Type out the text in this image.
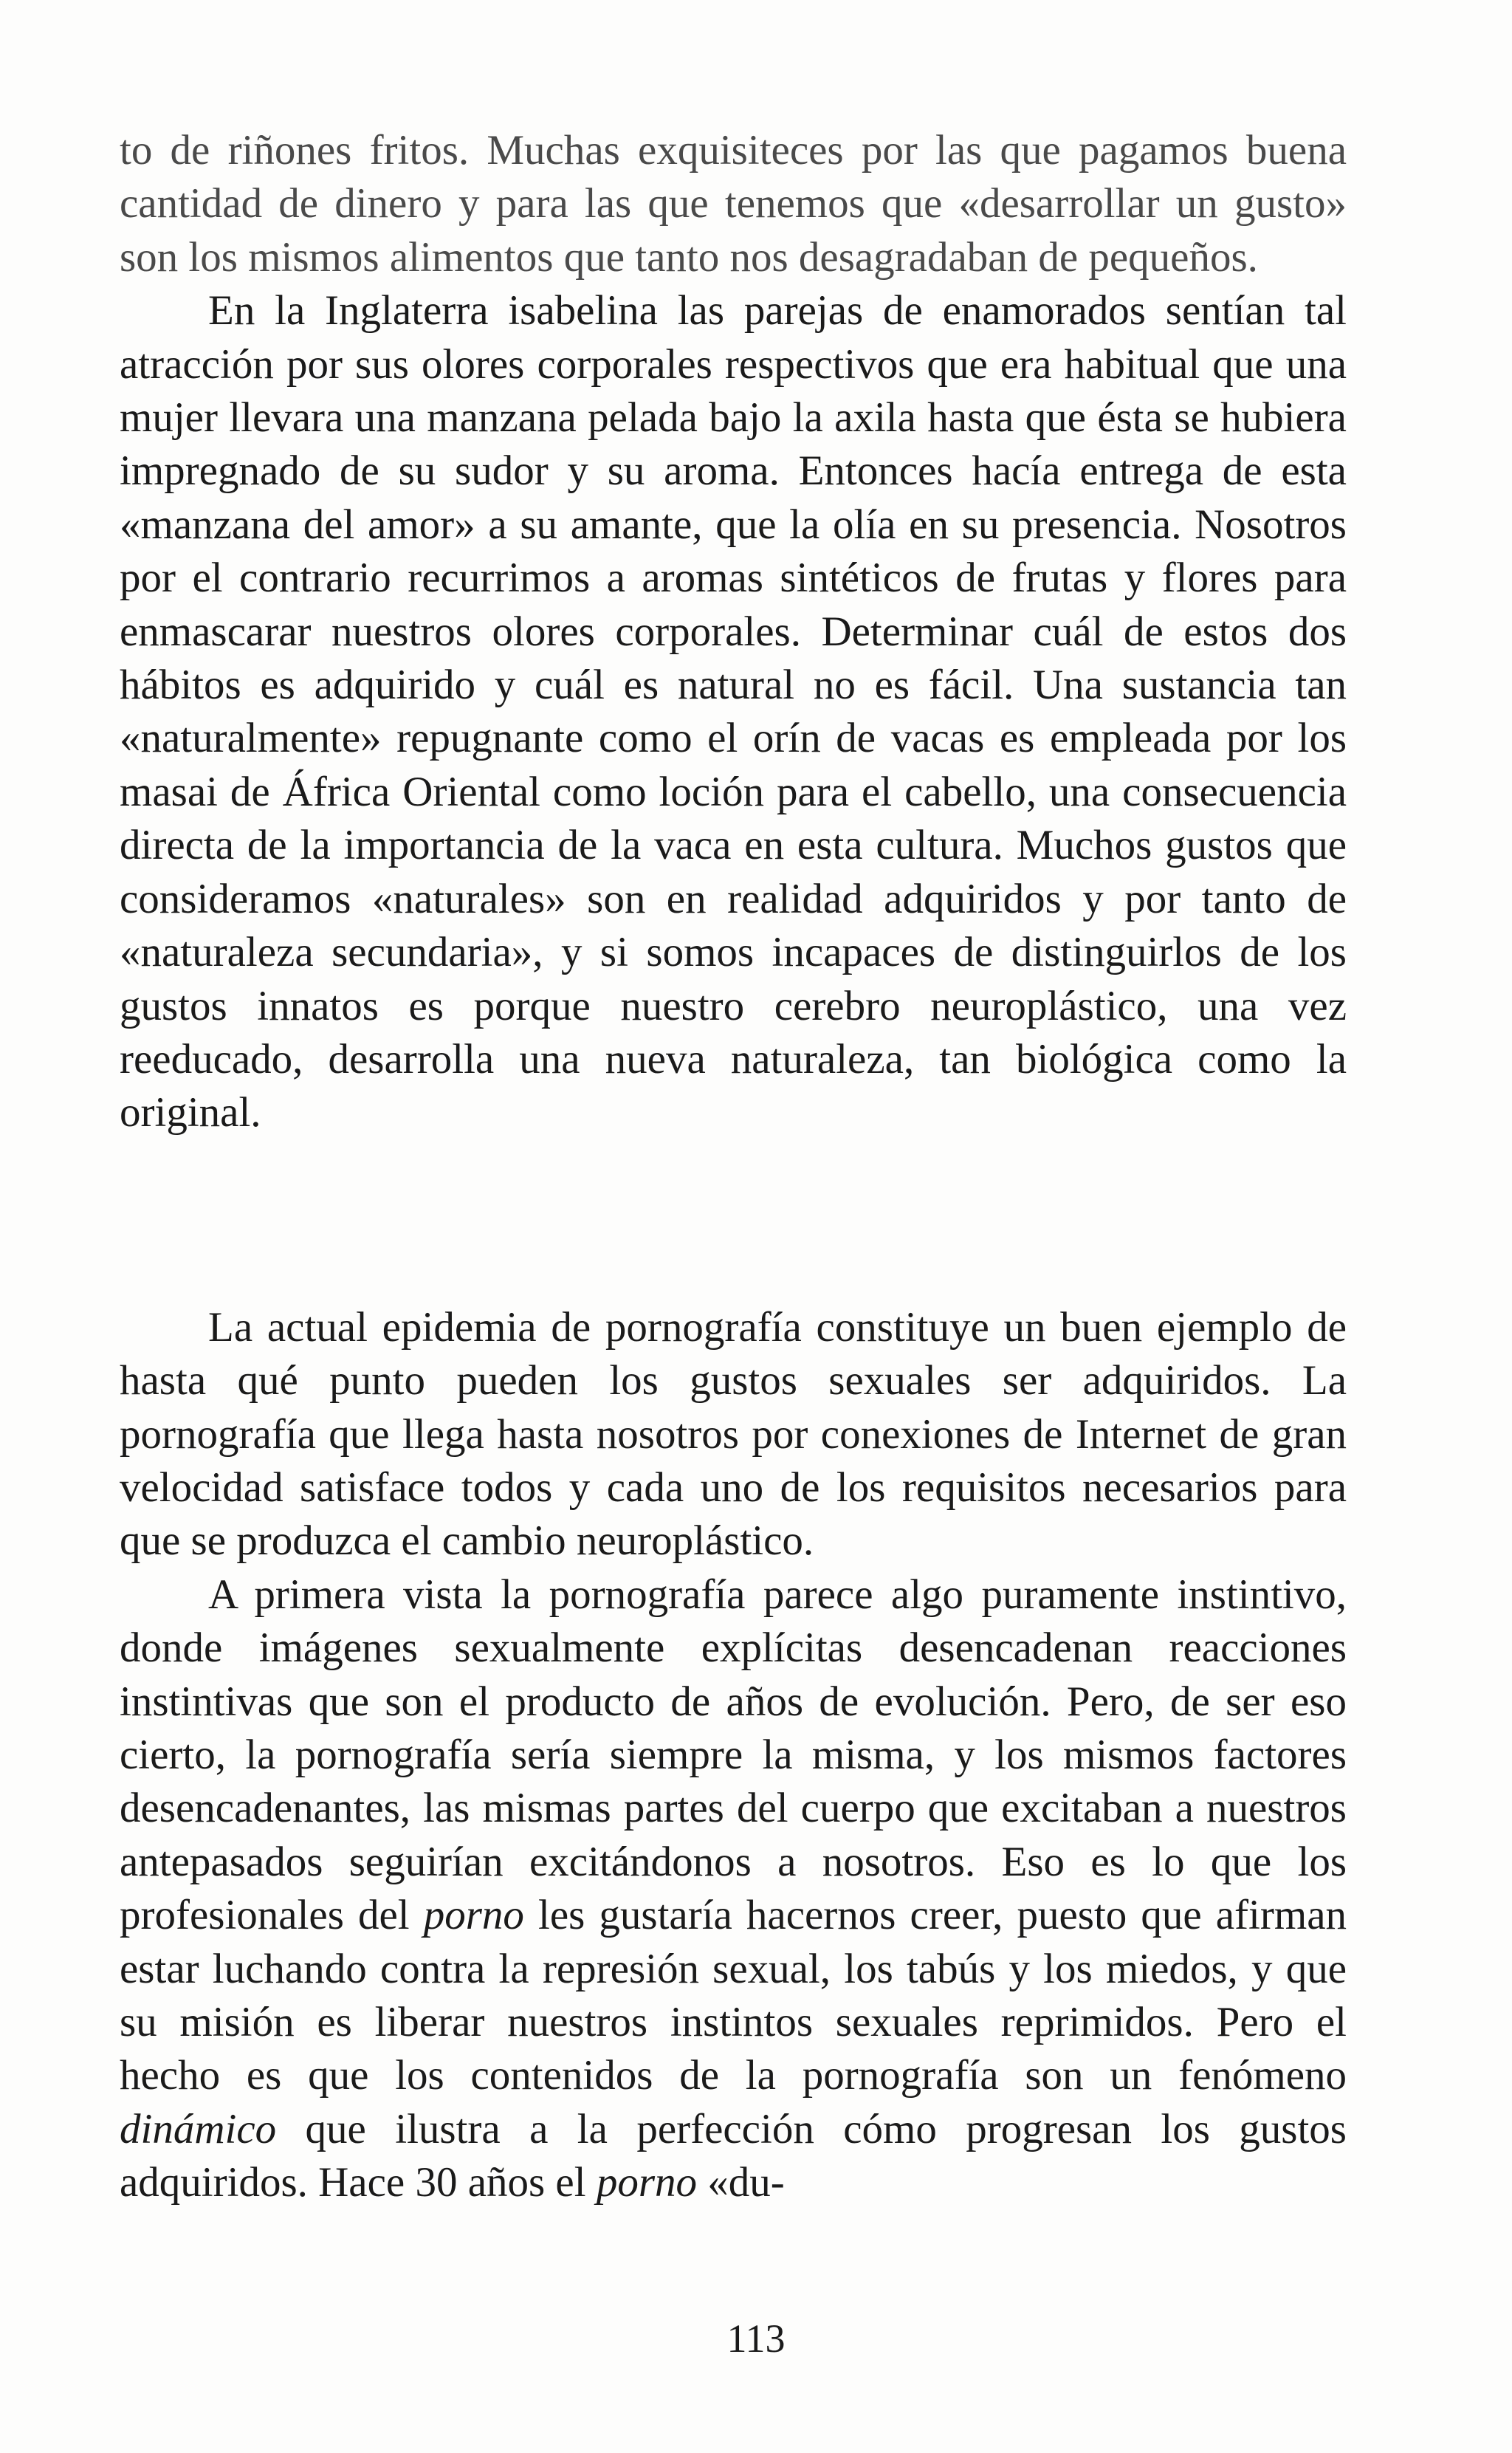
to de riñones fritos. Muchas exquisiteces por las que pagamos buena cantidad de dinero y para las que tenemos que «desarrollar un gusto» son los mismos alimentos que tanto nos desagradaban de pequeños.

En la Inglaterra isabelina las parejas de enamorados sentían tal atracción por sus olores corporales respectivos que era habitual que una mujer llevara una manzana pelada bajo la axila hasta que ésta se hubiera impregnado de su sudor y su aroma. Entonces hacía entrega de esta «manzana del amor» a su amante, que la olía en su presencia. Nosotros por el contrario recurrimos a aromas sintéticos de frutas y flores para enmascarar nuestros olores corporales. Determinar cuál de estos dos hábitos es adquirido y cuál es natural no es fácil. Una sustancia tan «naturalmente» repugnante como el orín de vacas es empleada por los masai de África Oriental como loción para el cabello, una consecuencia directa de la importancia de la vaca en esta cultura. Muchos gustos que consideramos «naturales» son en realidad adquiridos y por tanto de «naturaleza secundaria», y si somos incapaces de distinguirlos de los gustos innatos es porque nuestro cerebro neuroplástico, una vez reeducado, desarrolla una nueva naturaleza, tan biológica como la original.

La actual epidemia de pornografía constituye un buen ejemplo de hasta qué punto pueden los gustos sexuales ser adquiridos. La pornografía que llega hasta nosotros por conexiones de Internet de gran velocidad satisface todos y cada uno de los requisitos necesarios para que se produzca el cambio neuroplástico.

A primera vista la pornografía parece algo puramente instintivo, donde imágenes sexualmente explícitas desencadenan reacciones instintivas que son el producto de años de evolución. Pero, de ser eso cierto, la pornografía sería siempre la misma, y los mismos factores desencadenantes, las mismas partes del cuerpo que excitaban a nuestros antepasados seguirían excitándonos a nosotros. Eso es lo que los profesionales del porno les gustaría hacernos creer, puesto que afirman estar luchando contra la represión sexual, los tabús y los miedos, y que su misión es liberar nuestros instintos sexuales reprimidos. Pero el hecho es que los contenidos de la pornografía son un fenómeno dinámico que ilustra a la perfección cómo progresan los gustos adquiridos. Hace 30 años el porno «du-

113
